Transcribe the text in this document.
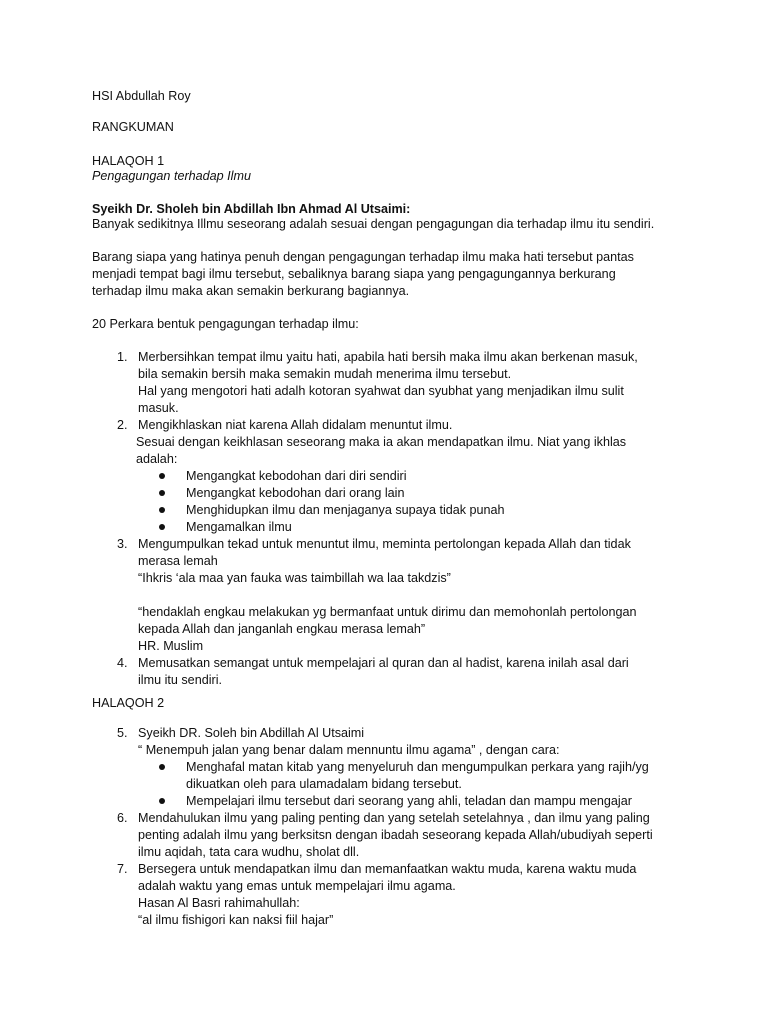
HSI Abdullah Roy

RANGKUMAN

HALAQOH 1

Pengagungan terhadap Ilmu

Syeikh Dr. Sholeh bin Abdillah Ibn Ahmad Al Utsaimi:

Banyak sedikitnya Illmu seseorang adalah sesuai dengan pengagungan dia terhadap ilmu itu sendiri.

Barang siapa yang hatinya penuh dengan pengagungan terhadap ilmu maka hati tersebut pantas
menjadi tempat bagi ilmu tersebut, sebaliknya barang siapa yang pengagungannya berkurang
terhadap ilmu maka akan semakin berkurang bagiannya.

20 Perkara bentuk pengagungan terhadap ilmu:

1. Merbersihkan tempat ilmu yaitu hati, apabila hati bersih maka ilmu akan berkenan masuk,
bila semakin bersih maka semakin mudah menerima ilmu tersebut.
Hal yang mengotori hati adalh kotoran syahwat dan syubhat yang menjadikan ilmu sulit
masuk.
2. Mengikhlaskan niat karena Allah didalam menuntut ilmu.
Sesuai dengan keikhlasan seseorang maka ia akan mendapatkan ilmu. Niat yang ikhlas
adalah:
Mengangkat kebodohan dari diri sendiri
Mengangkat kebodohan dari orang lain
Menghidupkan ilmu dan menjaganya supaya tidak punah
Mengamalkan ilmu
3. Mengumpulkan tekad untuk menuntut ilmu, meminta pertolongan kepada Allah dan tidak
merasa lemah
“Ihkris ‘ala maa yan fauka was taimbillah wa laa takdzis”
“hendaklah engkau melakukan yg bermanfaat untuk dirimu dan memohonlah pertolongan
kepada Allah dan janganlah engkau merasa lemah”
HR. Muslim
4. Memusatkan semangat untuk mempelajari al quran dan al hadist, karena inilah asal dari
ilmu itu sendiri.

HALAQOH 2

5. Syeikh DR. Soleh bin Abdillah Al Utsaimi
“ Menempuh jalan yang benar dalam mennuntu ilmu agama” , dengan cara:
Menghafal matan kitab yang menyeluruh dan mengumpulkan perkara yang rajih/yg
dikuatkan oleh para ulamadalam bidang tersebut.
Mempelajari ilmu tersebut dari seorang yang ahli, teladan dan mampu mengajar
6. Mendahulukan ilmu yang paling penting dan yang setelah setelahnya , dan ilmu yang paling
penting adalah ilmu yang berksitsn dengan ibadah seseorang kepada Allah/ubudiyah seperti
ilmu aqidah, tata cara wudhu, sholat dll.
7. Bersegera untuk mendapatkan ilmu dan memanfaatkan waktu muda, karena waktu muda
adalah waktu yang emas untuk mempelajari ilmu agama.
Hasan Al Basri rahimahullah:
“al ilmu fishigori kan naksi fiil hajar”
